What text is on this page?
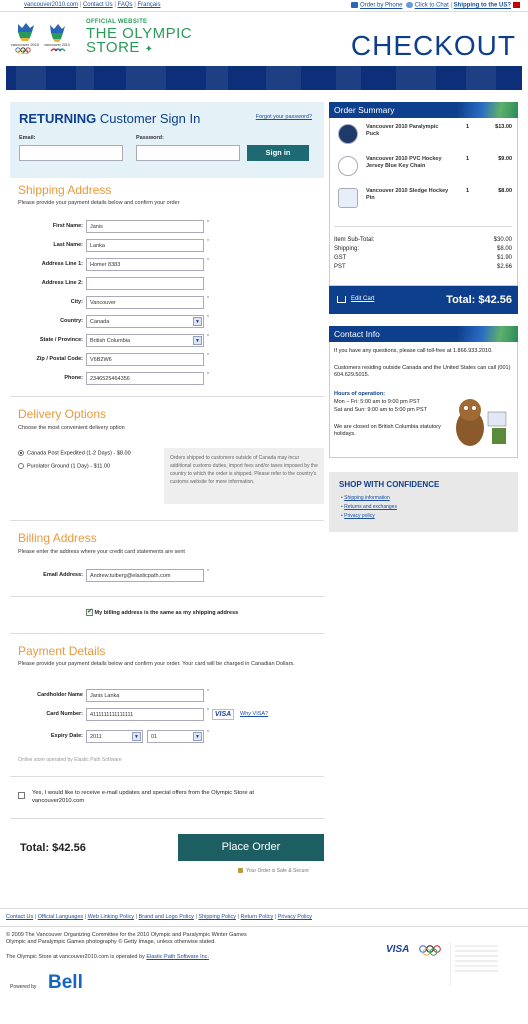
vancouver2010.com | Contact Us | FAQs | Français	Order by Phone Click to Chat | Shipping to the US?
vancouver 2010 vancouver 2010
OFFICIAL WEBSITE
THE OLYMPIC
STORE ✦	CHECKOUT
RETURNING Customer Sign In	Forgot your password?
Email:	Password:
Sign in
Shipping Address
Please provide your payment details below and confirm your order
First Name:	Janis
*
Last Name:	Lanka
*
Address Line 1:	Homer 8383
*
Address Line 2:
City:	Vancouver
*
Country:	Canada	▼
*
State / Province:	British Columbia	▼
*
Zip / Postal Code:	V6B2W6
*
Phone:	2346525464356
*
Delivery Options
Choose the most convenient delivery option
Canada Post Expedited (1-2 Days) - $8.00
Purolator Ground (1 Day) - $11.00
Orders shipped to customers outside of Canada may incur additional customs duties, import fees and/or taxes imposed by the country to which the order is shipped. Please refer to the country's customs website for more information.
Billing Address
Please enter the address where your credit card statements are sent
Email Address:	Andrew.tuiberg@elasticpath.com
*
✓ My billing address is the same as my shipping address
Payment Details
Please provide your payment details below and confirm your order. Your card will be charged in Canadian Dollars.
Cardholder Name	Janis Lanka
*
Card Number:	4111111111111111
* VISA	Why VISA?
Expiry Date:	2011	▼	01	▼
*
Online store operated by Elastic Path Software
Yes, I would like to receive e-mail updates and special offers from the Olympic Store at vancouver2010.com
Total: $42.56	Place Order
Your Order is Safe & Secure
Order Summary
Vancouver 2010 Paralympic Puck
1	$13.00
Vancouver 2010 PVC Hockey Jersey Blue Key Chain
1	$9.00
Vancouver 2010 Sledge Hockey Pin
1	$8.00
Item Sub-Total:	$30.00
Shipping:	$8.00
GST	$1.90
PST	$2.66
Edit Cart	Total: $42.56
Contact Info
If you have any questions, please call toll-free at 1.866.933.2010.
Customers residing outside Canada and the United States can call (001) 604.629.5015.
Hours of operation:
Mon – Fri: 5:00 am to 9:00 pm PST
Sat and Sun: 9:00 am to 5:00 pm PST
We are closed on British Columbia statutory holidays.
SHOP WITH CONFIDENCE
• Shipping information
• Returns and exchanges
• Privacy policy
Contact Us | Official Languages | Web Linking Policy | Brand and Logo Policy | Shipping Policy | Return Policy | Privacy Policy
© 2009 The Vancouver Organizing Committee for the 2010 Olympic and Paralympic Winter Games
Olympic and Paralympic Games photography © Getty Image, unless otherwise stated.
The Olympic Store at vancouver2010.com is operated by Elastic Path Software Inc.
Powered by Bell
VISA
